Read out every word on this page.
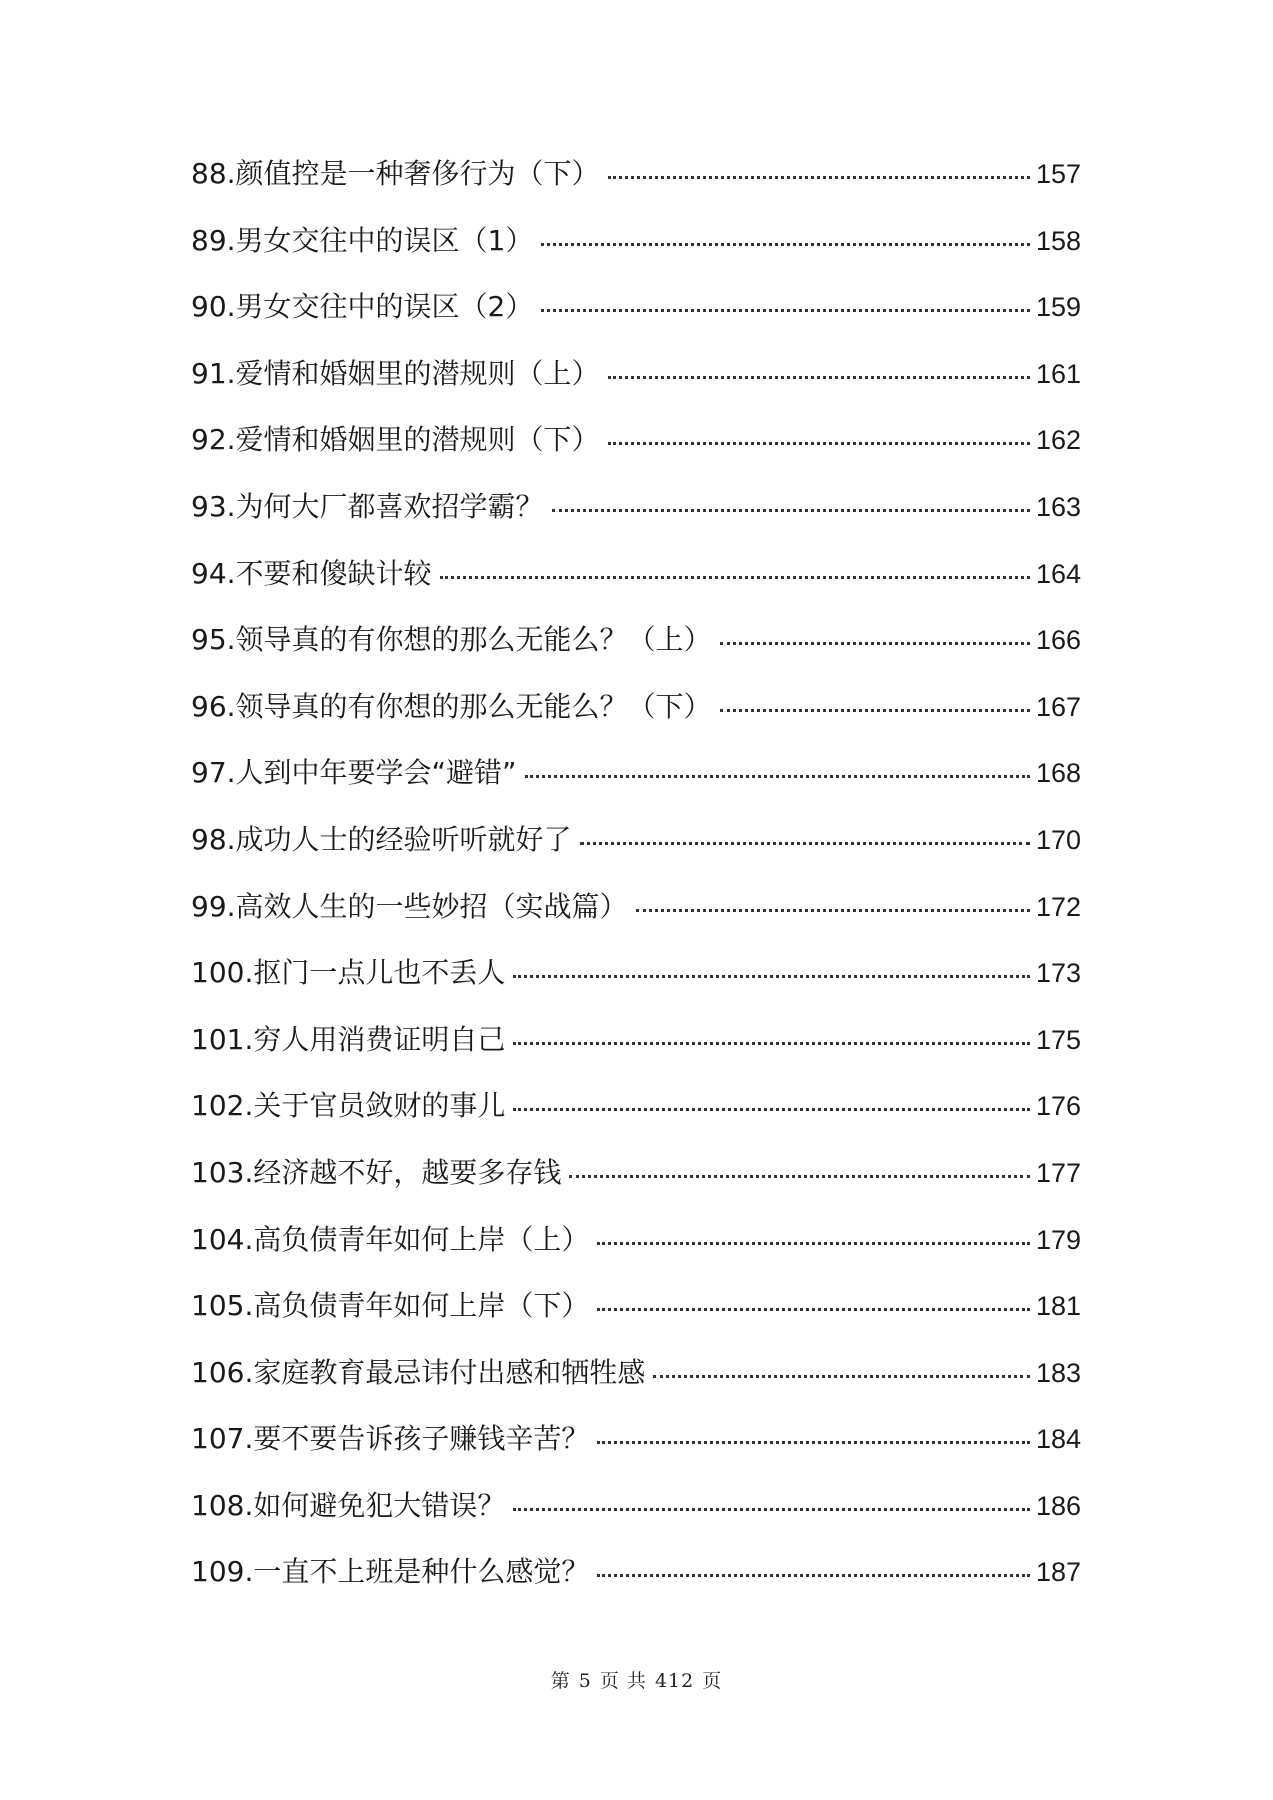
88.颜值控是一种奢侈行为（下）	157
89.男女交往中的误区（1）	158
90.男女交往中的误区（2）	159
91.爱情和婚姻里的潜规则（上）	161
92.爱情和婚姻里的潜规则（下）	162
93.为何大厂都喜欢招学霸？	163
94.不要和傻缺计较	164
95.领导真的有你想的那么无能么？（上）	166
96.领导真的有你想的那么无能么？（下）	167
97.人到中年要学会“避错”	168
98.成功人士的经验听听就好了	170
99.高效人生的一些妙招（实战篇）	172
100.抠门一点儿也不丢人	173
101.穷人用消费证明自己	175
102.关于官员敛财的事儿	176
103.经济越不好，越要多存钱	177
104.高负债青年如何上岸（上）	179
105.高负债青年如何上岸（下）	181
106.家庭教育最忌讳付出感和牺牲感	183
107.要不要告诉孩子赚钱辛苦？	184
108.如何避免犯大错误？	186
109.一直不上班是种什么感觉？	187
第 5 页 共 412 页
